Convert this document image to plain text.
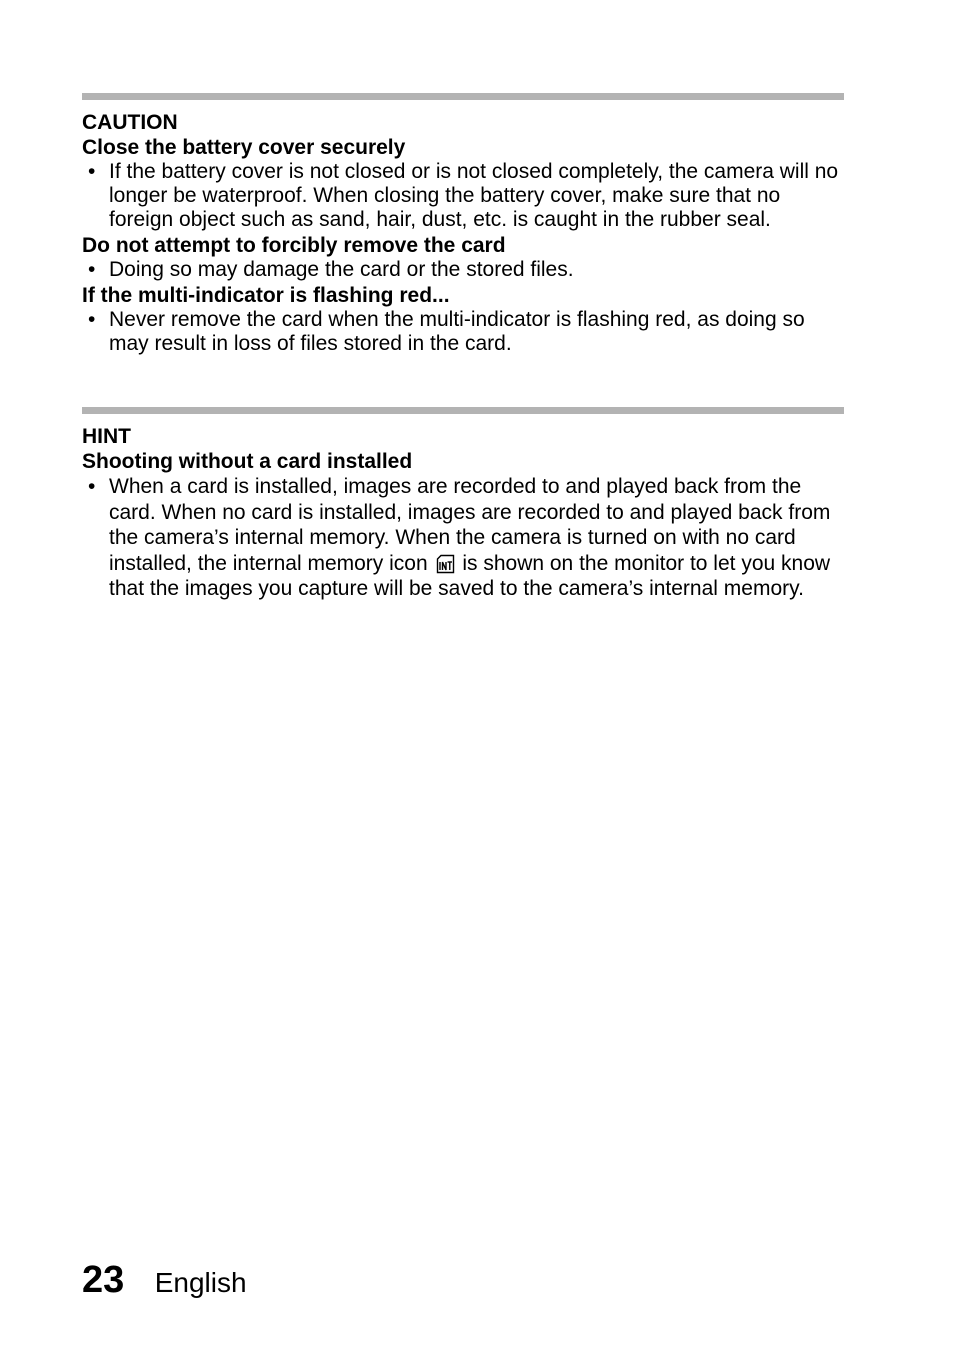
CAUTION
Close the battery cover securely
• If the battery cover is not closed or is not closed completely, the camera will no longer be waterproof. When closing the battery cover, make sure that no foreign object such as sand, hair, dust, etc. is caught in the rubber seal.
Do not attempt to forcibly remove the card
• Doing so may damage the card or the stored files.
If the multi-indicator is flashing red...
• Never remove the card when the multi-indicator is flashing red, as doing so may result in loss of files stored in the card.
HINT
Shooting without a card installed
• When a card is installed, images are recorded to and played back from the card. When no card is installed, images are recorded to and played back from the camera’s internal memory. When the camera is turned on with no card installed, the internal memory icon is shown on the monitor to let you know that the images you capture will be saved to the camera’s internal memory.
23 English
